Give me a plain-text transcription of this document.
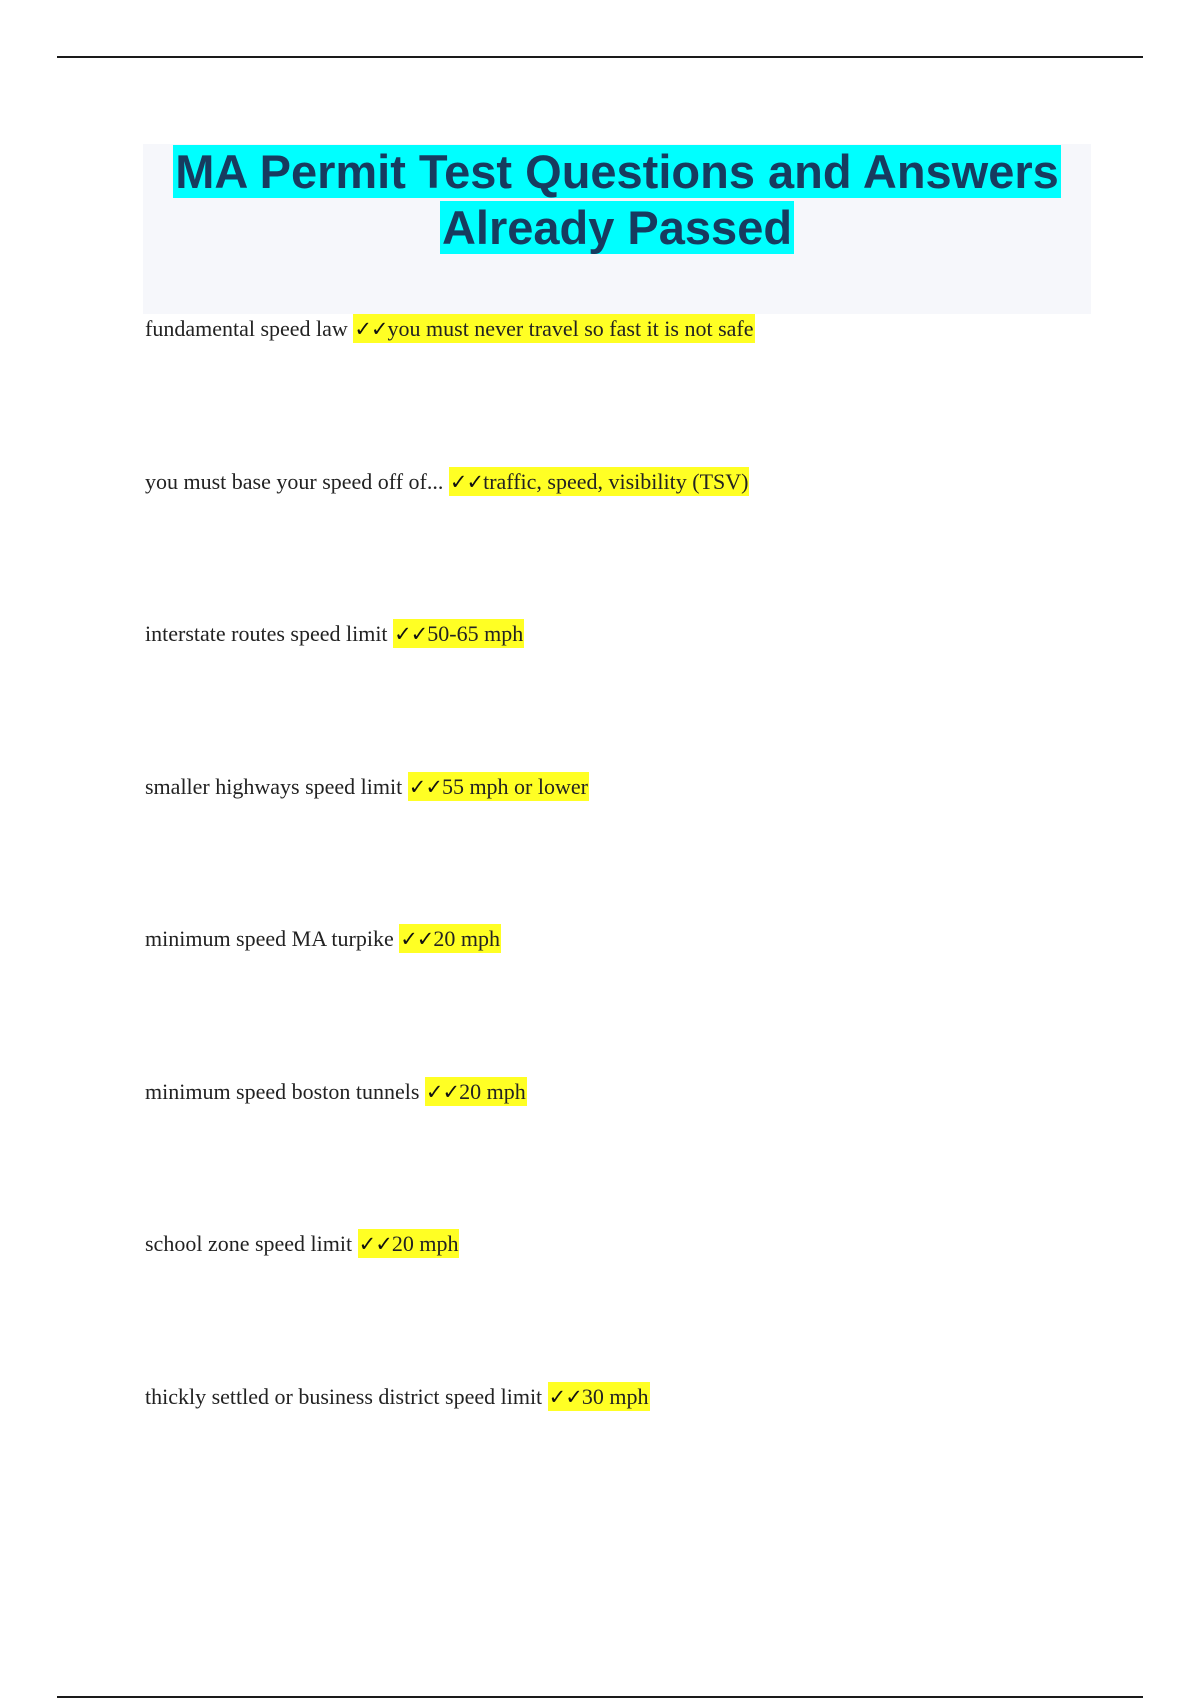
MA Permit Test Questions and Answers
Already Passed
fundamental speed law ✓✓you must never travel so fast it is not safe
you must base your speed off of... ✓✓traffic, speed, visibility (TSV)
interstate routes speed limit ✓✓50-65 mph
smaller highways speed limit ✓✓55 mph or lower
minimum speed MA turpike ✓✓20 mph
minimum speed boston tunnels ✓✓20 mph
school zone speed limit ✓✓20 mph
thickly settled or business district speed limit ✓✓30 mph
